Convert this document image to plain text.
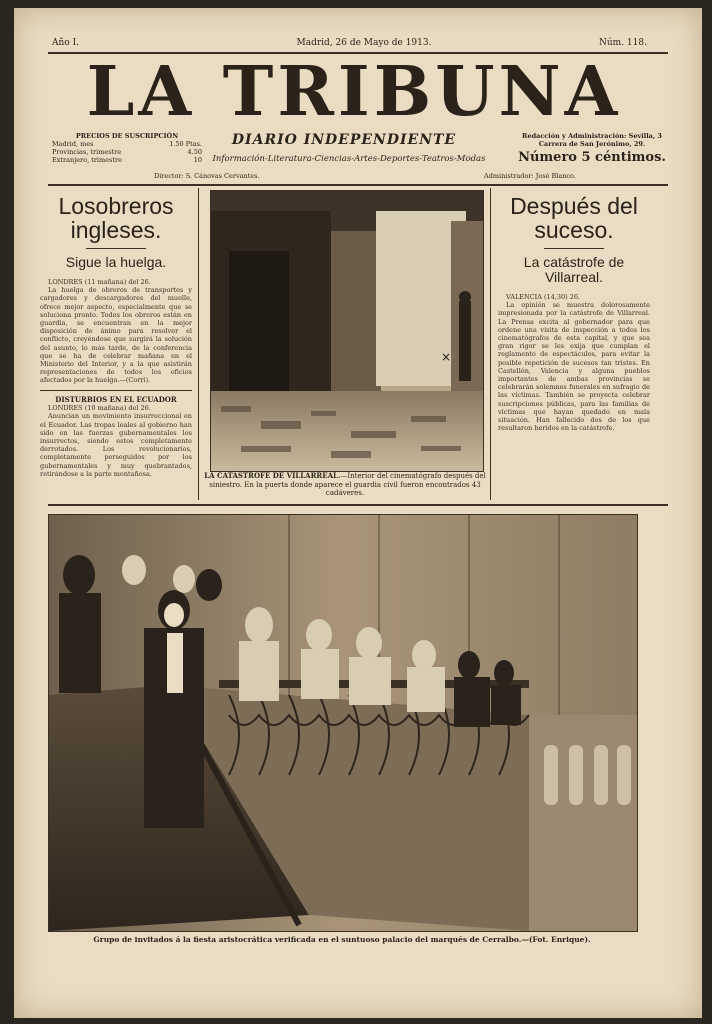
Año I.	Madrid, 26 de Mayo de 1913.	Núm. 118.
LA TRIBUNA
PRECIOS DE SUSCRIPCIÓN
Madrid, mes	1.50 Ptas.
Provincias, trimestre	4.50
Extranjero, trimestre	10
DIARIO INDEPENDIENTE
Información-Literatura-Ciencias-Artes-Deportes-Teatros-Modas
Redacción y Administración: Sevilla, 3
Carrera de San Jerónimo, 29.
Número 5 céntimos.
Director: S. Cánovas Cervantes.	Administrador: José Blanco.
Losobreros ingleses.
Sigue la huelga.
LONDRES (11 mañana) del 26.
La huelga de obreros de transportes y cargadores y descargadores del muelle, ofrece mejor aspecto, especialmente que se soluciona pronto. Todos los obreros están en guardia, se encuentran en la mejor disposición de ánimo para resolver el conflicto, creyéndose que surgirá la solución del asunto, lo más tarde, de la conferencia que se ha de celebrar mañana en el Ministerio del Interior, y a la que asistirán representaciones de todos los oficios afectados por la huelga.—(Corri).
DISTURBIOS EN EL ECUADOR
LONDRES (10 mañana) del 26.
Anuncian un movimiento insurreccional en el Ecuador. Las tropas leales al gobierno han sido en las fuerzas gubernamentales los insurrectos, siendo estos completamente derrotados. Los revolucionarios, completamente perseguidos por los gubernamentales y muy quebrantados, retirándose a la parte montañosa.
×
LA CATÁSTROFE DE VILLARREAL.—Interior del cinematógrafo después del siniestro. En la puerta donde aparece el guardia civil fueron encontrados 43 cadáveres.
Después del suceso.
La catástrofe de Villarreal.
VALENCIA (14,30) 26.
La opinión se muestra dolorosamente impresionada por la catástrofe de Villarreal. La Prensa excita al gobernador para que ordene una visita de inspección a todos los cinematógrafos de esta capital, y que sea gran rigor se les exija que cumplan el reglamento de espectáculos, para evitar la posible repetición de sucesos tan tristes. En Castellón, Valencia y alguna pueblos importantes de ambas provincias se celebrarán solemnes funerales en sufragio de las víctimas. También se proyecta celebrar suscripciones públicas, para las familias de víctimas que hayan quedado en mala situación. Han fallecido dos de los que resultaron heridos en la catástrofe.
Grupo de invitados á la fiesta aristocrática verificada en el suntuoso palacio del marqués de Cerralbo.—(Fot. Enrique).
